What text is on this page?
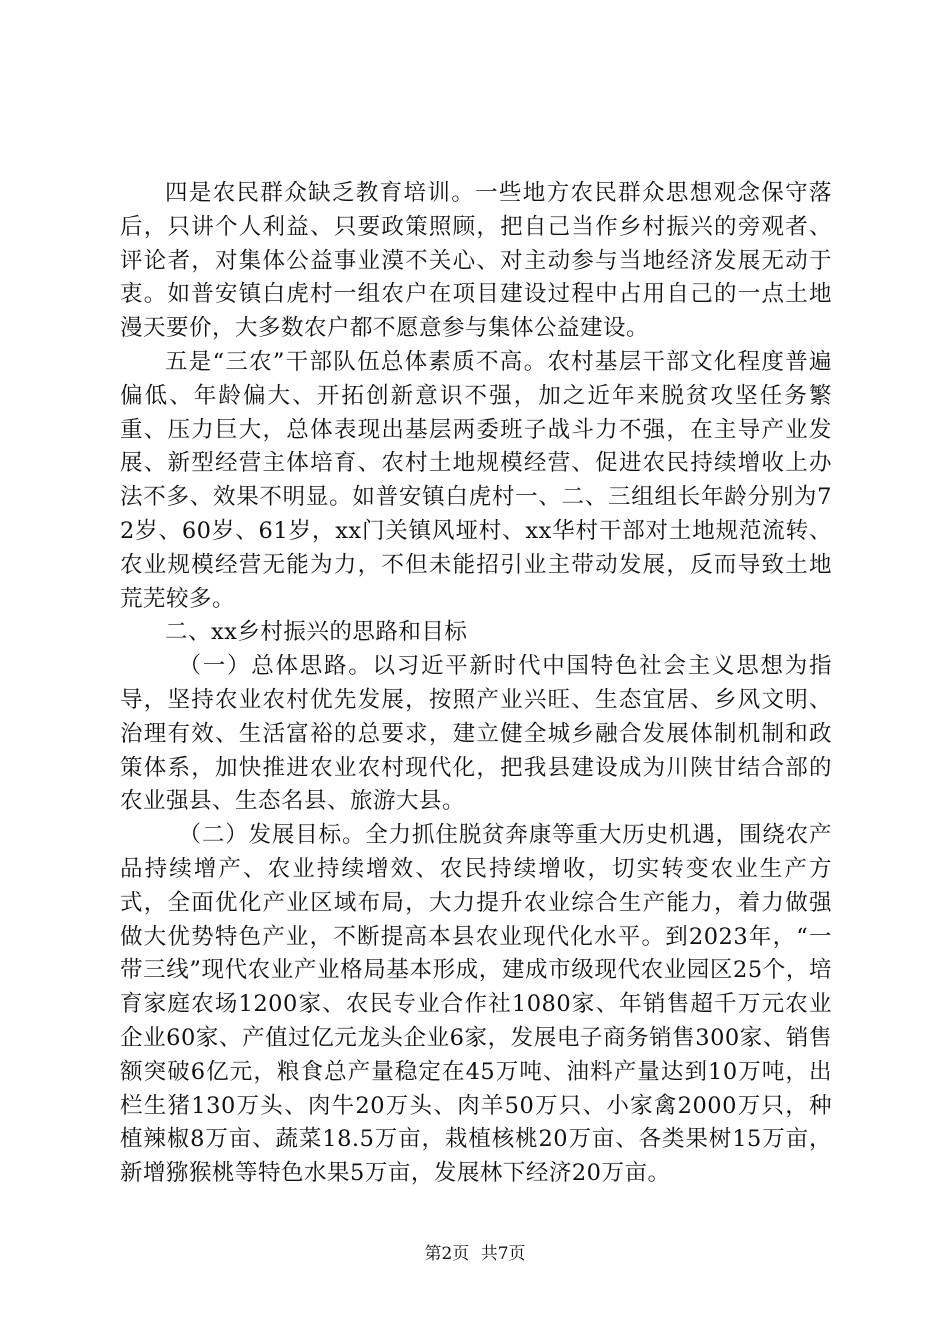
四是农民群众缺乏教育培训。一些地方农民群众思想观念保守落后，只讲个人利益、只要政策照顾，把自己当作乡村振兴的旁观者、评论者，对集体公益事业漠不关心、对主动参与当地经济发展无动于衷。如普安镇白虎村一组农户在项目建设过程中占用自己的一点土地漫天要价，大多数农户都不愿意参与集体公益建设。

五是“三农”干部队伍总体素质不高。农村基层干部文化程度普遍偏低、年龄偏大、开拓创新意识不强，加之近年来脱贫攻坚任务繁重、压力巨大，总体表现出基层两委班子战斗力不强，在主导产业发展、新型经营主体培育、农村土地规模经营、促进农民持续增收上办法不多、效果不明显。如普安镇白虎村一、二、三组组长年龄分别为72岁、60岁、61岁，xx门关镇风垭村、xx华村干部对土地规范流转、农业规模经营无能为力，不但未能招引业主带动发展，反而导致土地荒芜较多。

二、xx乡村振兴的思路和目标

（一）总体思路。以习近平新时代中国特色社会主义思想为指导，坚持农业农村优先发展，按照产业兴旺、生态宜居、乡风文明、治理有效、生活富裕的总要求，建立健全城乡融合发展体制机制和政策体系，加快推进农业农村现代化，把我县建设成为川陕甘结合部的农业强县、生态名县、旅游大县。

（二）发展目标。全力抓住脱贫奔康等重大历史机遇，围绕农产品持续增产、农业持续增效、农民持续增收，切实转变农业生产方式，全面优化产业区域布局，大力提升农业综合生产能力，着力做强做大优势特色产业，不断提高本县农业现代化水平。到2023年，“一带三线”现代农业产业格局基本形成，建成市级现代农业园区25个，培育家庭农场1200家、农民专业合作社1080家、年销售超千万元农业企业60家、产值过亿元龙头企业6家，发展电子商务销售300家、销售额突破6亿元，粮食总产量稳定在45万吨、油料产量达到10万吨，出栏生猪130万头、肉牛20万头、肉羊50万只、小家禽2000万只，种植辣椒8万亩、蔬菜18.5万亩，栽植核桃20万亩、各类果树15万亩，新增猕猴桃等特色水果5万亩，发展林下经济20万亩。

第2页 共7页
